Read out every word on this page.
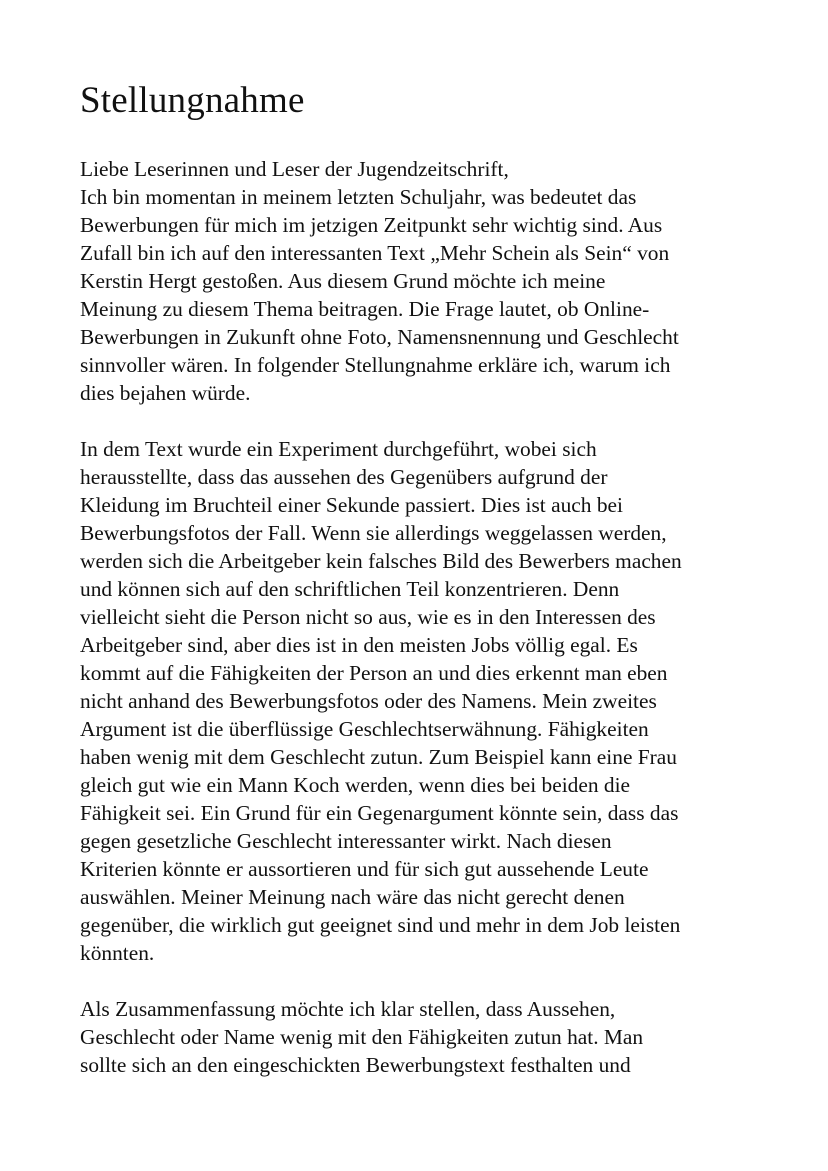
Stellungnahme

Liebe Leserinnen und Leser der Jugendzeitschrift,
Ich bin momentan in meinem letzten Schuljahr, was bedeutet das
Bewerbungen für mich im jetzigen Zeitpunkt sehr wichtig sind. Aus
Zufall bin ich auf den interessanten Text „Mehr Schein als Sein“ von
Kerstin Hergt gestoßen. Aus diesem Grund möchte ich meine
Meinung zu diesem Thema beitragen. Die Frage lautet, ob Online-
Bewerbungen in Zukunft ohne Foto, Namensnennung und Geschlecht
sinnvoller wären. In folgender Stellungnahme erkläre ich, warum ich
dies bejahen würde.

In dem Text wurde ein Experiment durchgeführt, wobei sich
herausstellte, dass das aussehen des Gegenübers aufgrund der
Kleidung im Bruchteil einer Sekunde passiert. Dies ist auch bei
Bewerbungsfotos der Fall. Wenn sie allerdings weggelassen werden,
werden sich die Arbeitgeber kein falsches Bild des Bewerbers machen
und können sich auf den schriftlichen Teil konzentrieren. Denn
vielleicht sieht die Person nicht so aus, wie es in den Interessen des
Arbeitgeber sind, aber dies ist in den meisten Jobs völlig egal. Es
kommt auf die Fähigkeiten der Person an und dies erkennt man eben
nicht anhand des Bewerbungsfotos oder des Namens. Mein zweites
Argument ist die überflüssige Geschlechtserwähnung. Fähigkeiten
haben wenig mit dem Geschlecht zutun. Zum Beispiel kann eine Frau
gleich gut wie ein Mann Koch werden, wenn dies bei beiden die
Fähigkeit sei. Ein Grund für ein Gegenargument könnte sein, dass das
gegen gesetzliche Geschlecht interessanter wirkt. Nach diesen
Kriterien könnte er aussortieren und für sich gut aussehende Leute
auswählen. Meiner Meinung nach wäre das nicht gerecht denen
gegenüber, die wirklich gut geeignet sind und mehr in dem Job leisten
könnten.

Als Zusammenfassung möchte ich klar stellen, dass Aussehen,
Geschlecht oder Name wenig mit den Fähigkeiten zutun hat. Man
sollte sich an den eingeschickten Bewerbungstext festhalten und
